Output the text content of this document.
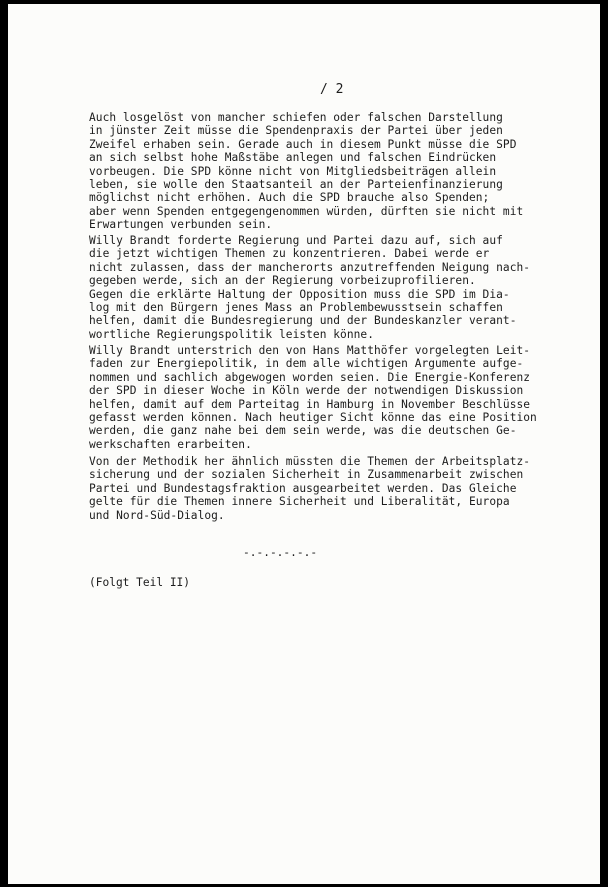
/ 2
Auch losgelöst von mancher schiefen oder falschen Darstellung
in jünster Zeit müsse die Spendenpraxis der Partei über jeden
Zweifel erhaben sein. Gerade auch in diesem Punkt müsse die SPD
an sich selbst hohe Maßstäbe anlegen und falschen Eindrücken
vorbeugen. Die SPD könne nicht von Mitgliedsbeiträgen allein
leben, sie wolle den Staatsanteil an der Parteienfinanzierung
möglichst nicht erhöhen. Auch die SPD brauche also Spenden;
aber wenn Spenden entgegengenommen würden, dürften sie nicht mit
Erwartungen verbunden sein.
Willy Brandt forderte Regierung und Partei dazu auf, sich auf
die jetzt wichtigen Themen zu konzentrieren. Dabei werde er
nicht zulassen, dass der mancherorts anzutreffenden Neigung nach-
gegeben werde, sich an der Regierung vorbeizuprofilieren.
Gegen die erklärte Haltung der Opposition muss die SPD im Dia-
log mit den Bürgern jenes Mass an Problembewusstsein schaffen
helfen, damit die Bundesregierung und der Bundeskanzler verant-
wortliche Regierungspolitik leisten könne.
Willy Brandt unterstrich den von Hans Matthöfer vorgelegten Leit-
faden zur Energiepolitik, in dem alle wichtigen Argumente aufge-
nommen und sachlich abgewogen worden seien. Die Energie-Konferenz
der SPD in dieser Woche in Köln werde der notwendigen Diskussion
helfen, damit auf dem Parteitag in Hamburg in November Beschlüsse
gefasst werden können. Nach heutiger Sicht könne das eine Position
werden, die ganz nahe bei dem sein werde, was die deutschen Ge-
werkschaften erarbeiten.
Von der Methodik her ähnlich müssten die Themen der Arbeitsplatz-
sicherung und der sozialen Sicherheit in Zusammenarbeit zwischen
Partei und Bundestagsfraktion ausgearbeitet werden. Das Gleiche
gelte für die Themen innere Sicherheit und Liberalität, Europa
und Nord-Süd-Dialog.
-.-.-.-.-.-
(Folgt Teil II)
